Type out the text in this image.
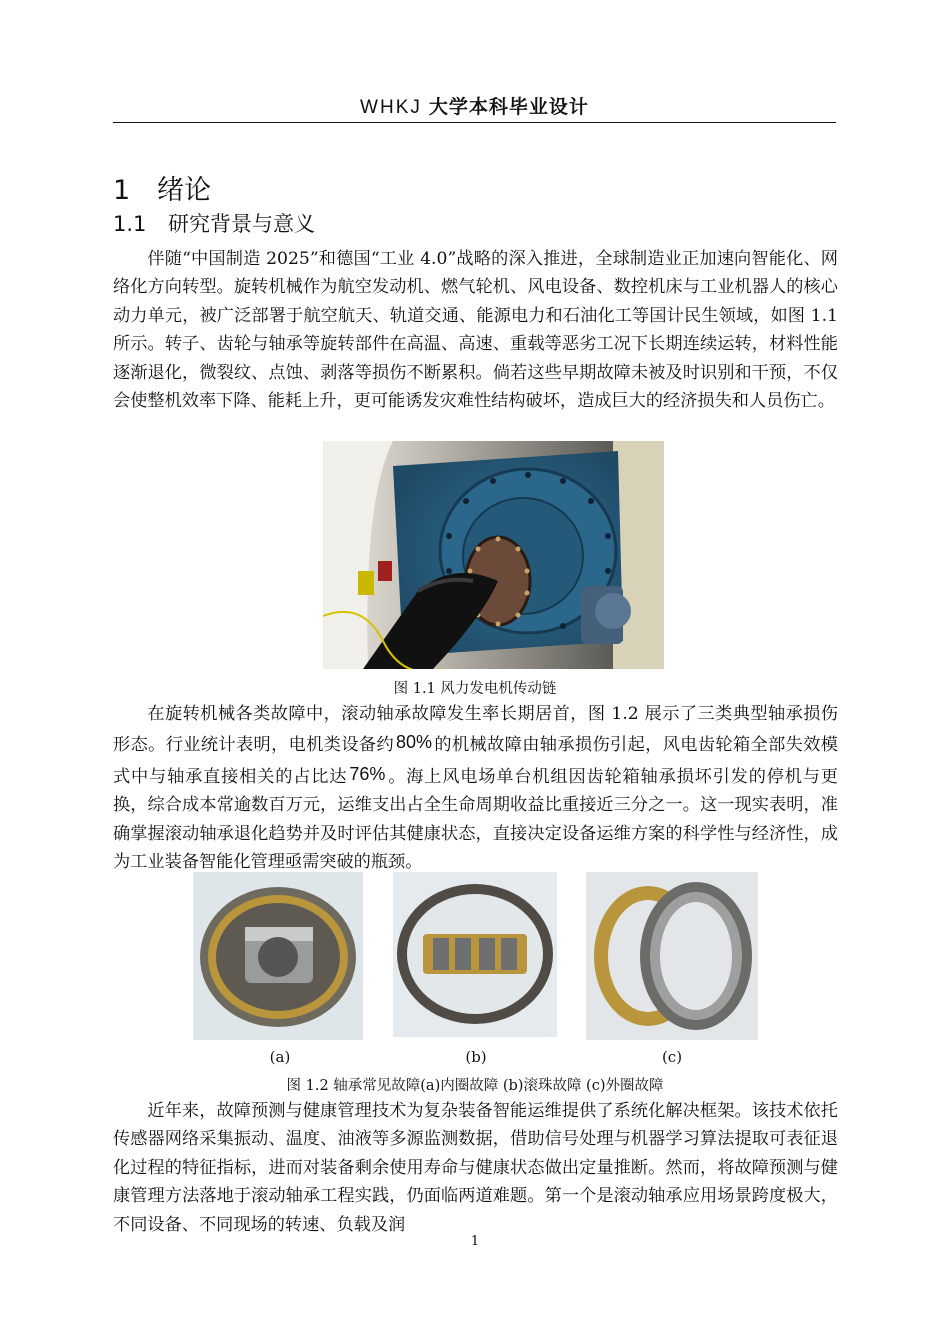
WHKJ 大学本科毕业设计
1 绪论
1.1 研究背景与意义

伴随“中国制造 2025”和德国“工业 4.0”战略的深入推进，全球制造业正加速向智能化、网络化方向转型。旋转机械作为航空发动机、燃气轮机、风电设备、数控机床与工业机器人的核心动力单元，被广泛部署于航空航天、轨道交通、能源电力和石油化工等国计民生领域，如图 1.1 所示。转子、齿轮与轴承等旋转部件在高温、高速、重载等恶劣工况下长期连续运转，材料性能逐渐退化，微裂纹、点蚀、剥落等损伤不断累积。倘若这些早期故障未被及时识别和干预，不仅会使整机效率下降、能耗上升，更可能诱发灾难性结构破坏，造成巨大的经济损失和人员伤亡。

图 1.1 风力发电机传动链

在旋转机械各类故障中，滚动轴承故障发生率长期居首，图 1.2 展示了三类典型轴承损伤形态。行业统计表明，电机类设备约 80% 的机械故障由轴承损伤引起，风电齿轮箱全部失效模式中与轴承直接相关的占比达 76% 。海上风电场单台机组因齿轮箱轴承损坏引发的停机与更换，综合成本常逾数百万元，运维支出占全生命周期收益比重接近三分之一。这一现实表明，准确掌握滚动轴承退化趋势并及时评估其健康状态，直接决定设备运维方案的科学性与经济性，成为工业装备智能化管理亟需突破的瓶颈。

(a)	(b)	(c)
图 1.2 轴承常见故障(a)内圈故障 (b)滚珠故障 (c)外圈故障

近年来，故障预测与健康管理技术为复杂装备智能运维提供了系统化解决框架。该技术依托传感器网络采集振动、温度、油液等多源监测数据，借助信号处理与机器学习算法提取可表征退化过程的特征指标，进而对装备剩余使用寿命与健康状态做出定量推断。然而，将故障预测与健康管理方法落地于滚动轴承工程实践，仍面临两道难题。第一个是滚动轴承应用场景跨度极大，不同设备、不同现场的转速、负载及润

1
